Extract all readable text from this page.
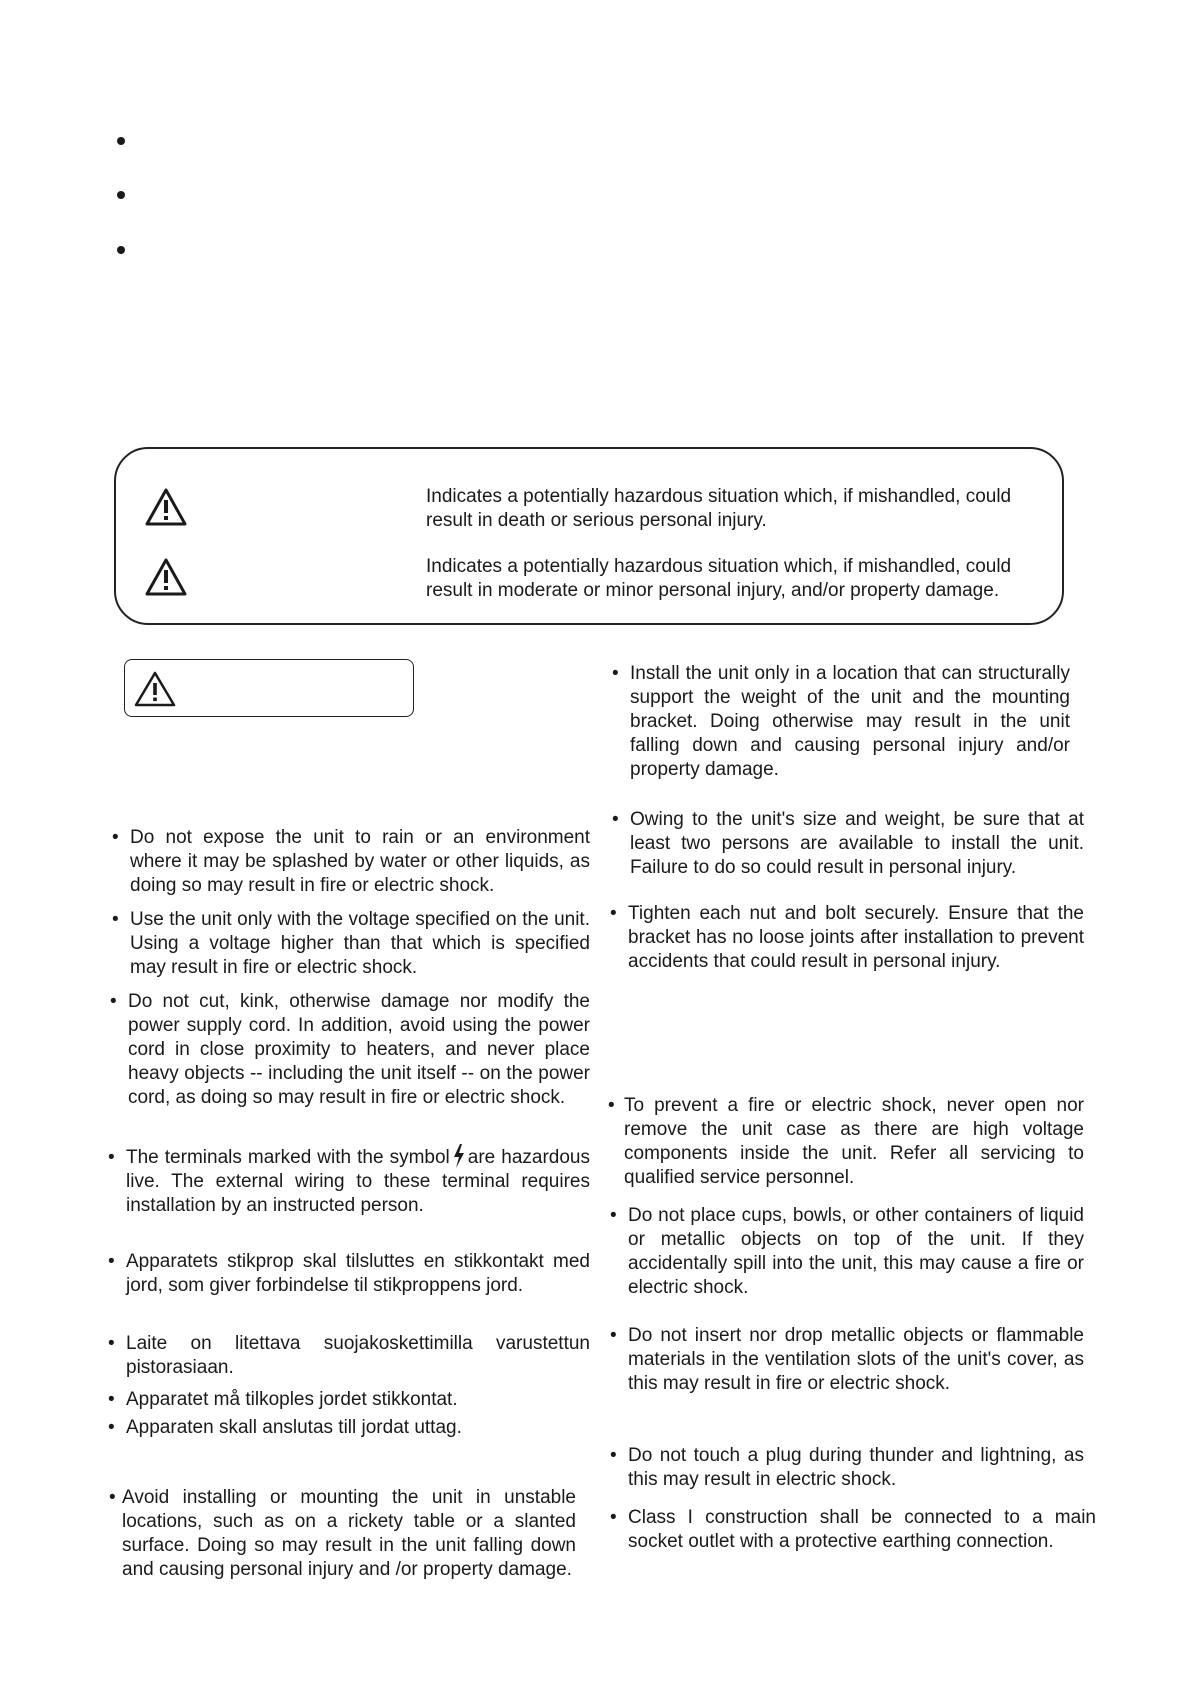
Indicates a potentially hazardous situation which, if mishandled, could result in death or serious personal injury.
Indicates a potentially hazardous situation which, if mishandled, could result in moderate or minor personal injury, and/or property damage.
• Do not expose the unit to rain or an environment where it may be splashed by water or other liquids, as doing so may result in fire or electric shock.

• Use the unit only with the voltage specified on the unit. Using a voltage higher than that which is specified may result in fire or electric shock.

• Do not cut, kink, otherwise damage nor modify the power supply cord. In addition, avoid using the power cord in close proximity to heaters, and never place heavy objects -- including the unit itself -- on the power cord, as doing so may result in fire or electric shock.

• The terminals marked with the symbol are hazardous live. The external wiring to these terminal requires installation by an instructed person.

• Apparatets stikprop skal tilsluttes en stikkontakt med jord, som giver forbindelse til stikproppens jord.

• Laite on litettava suojakoskettimilla varustettun pistorasiaan.

• Apparatet må tilkoples jordet stikkontat.

• Apparaten skall anslutas till jordat uttag.

• Avoid installing or mounting the unit in unstable locations, such as on a rickety table or a slanted surface. Doing so may result in the unit falling down and causing personal injury and /or property damage.

• Install the unit only in a location that can structurally support the weight of the unit and the mounting bracket. Doing otherwise may result in the unit falling down and causing personal injury and/or property damage.

• Owing to the unit's size and weight, be sure that at least two persons are available to install the unit. Failure to do so could result in personal injury.

• Tighten each nut and bolt securely. Ensure that the bracket has no loose joints after installation to prevent accidents that could result in personal injury.

• To prevent a fire or electric shock, never open nor remove the unit case as there are high voltage components inside the unit. Refer all servicing to qualified service personnel.

• Do not place cups, bowls, or other containers of liquid or metallic objects on top of the unit. If they accidentally spill into the unit, this may cause a fire or electric shock.

• Do not insert nor drop metallic objects or flammable materials in the ventilation slots of the unit's cover, as this may result in fire or electric shock.

• Do not touch a plug during thunder and lightning, as this may result in electric shock.

• Class I construction shall be connected to a main socket outlet with a protective earthing connection.
